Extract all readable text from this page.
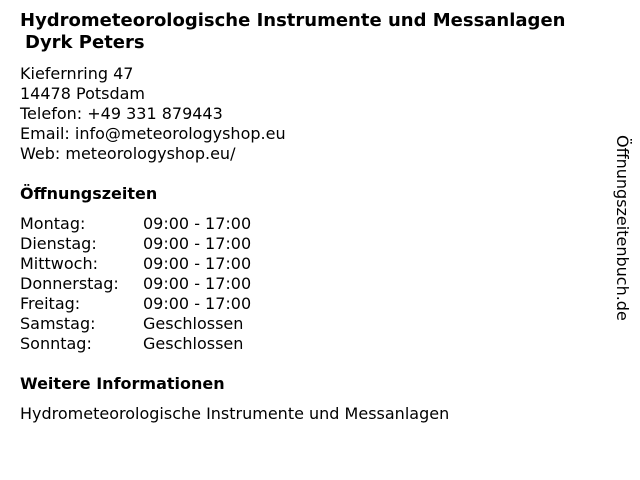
Hydrometeorologische Instrumente und Messanlagen
Dyrk Peters
Kiefernring 47
14478 Potsdam
Telefon: +49 331 879443
Email: info@meteorologyshop.eu
Web: meteorologyshop.eu/
Öffnungszeiten
Montag:	09:00 - 17:00
Dienstag:	09:00 - 17:00
Mittwoch:	09:00 - 17:00
Donnerstag:	09:00 - 17:00
Freitag:	09:00 - 17:00
Samstag:	Geschlossen
Sonntag:	Geschlossen
Weitere Informationen
Hydrometeorologische Instrumente und Messanlagen
Öffnungszeitenbuch.de
